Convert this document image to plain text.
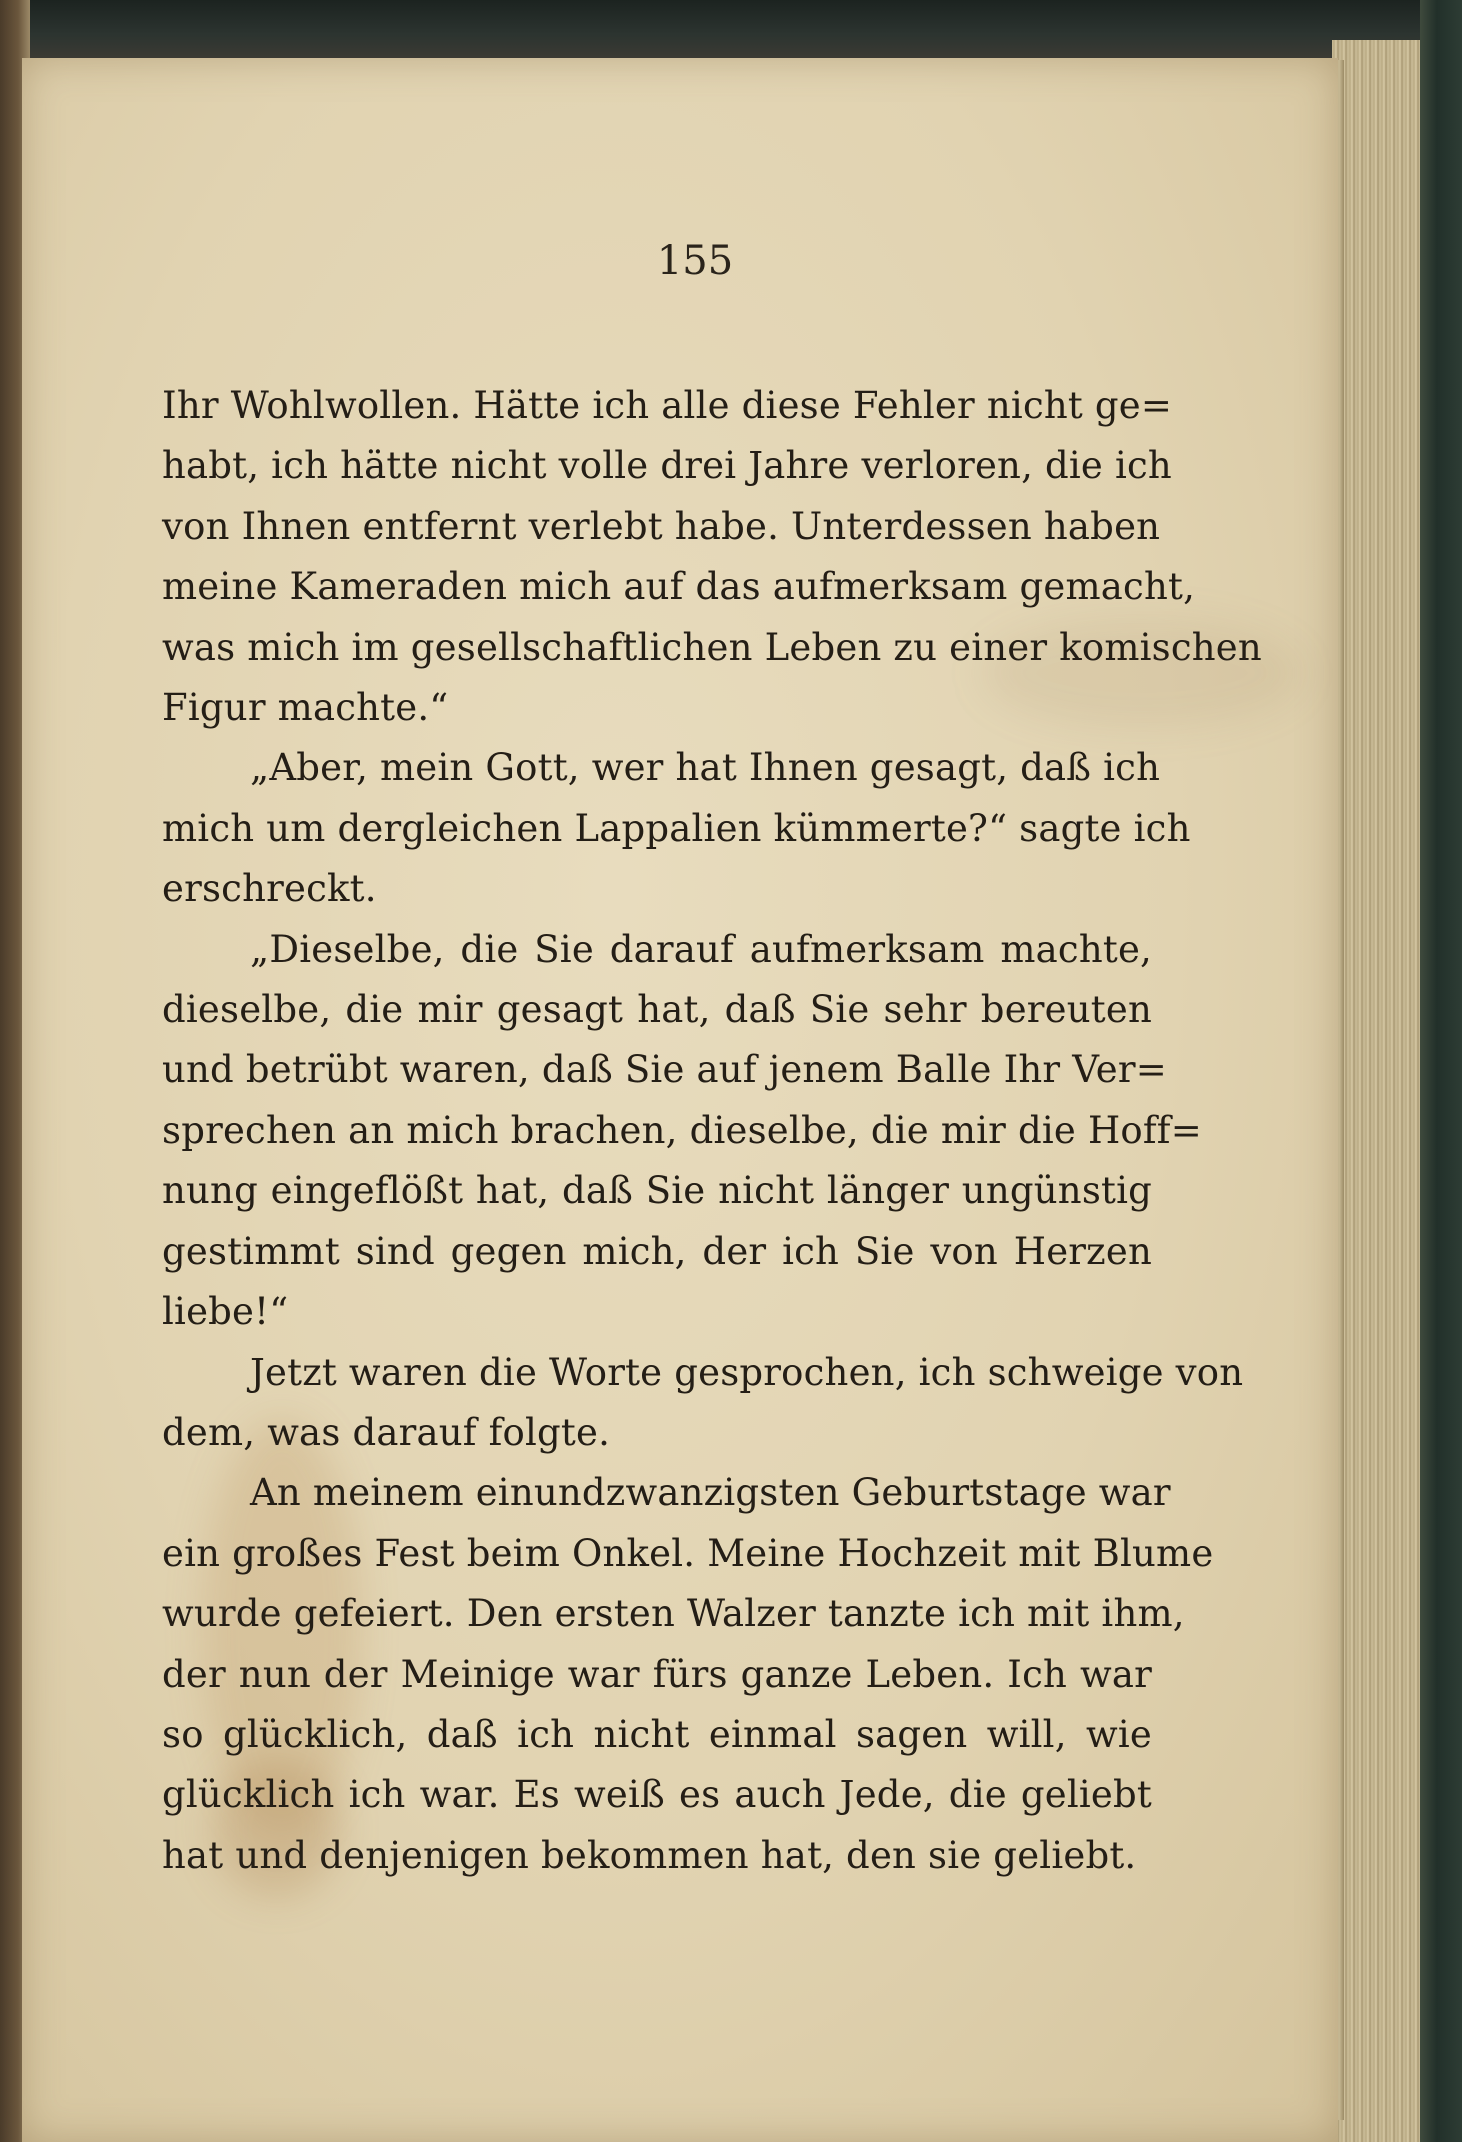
155
Ihr Wohlwollen. Hätte ich alle diese Fehler nicht ge=
habt, ich hätte nicht volle drei Jahre verloren, die ich
von Ihnen entfernt verlebt habe. Unterdessen haben
meine Kameraden mich auf das aufmerksam gemacht,
was mich im gesellschaftlichen Leben zu einer komischen
Figur machte.“
„Aber, mein Gott, wer hat Ihnen gesagt, daß ich
mich um dergleichen Lappalien kümmerte?“ sagte ich
erschreckt.
„Dieselbe, die Sie darauf aufmerksam machte,
dieselbe, die mir gesagt hat, daß Sie sehr bereuten
und betrübt waren, daß Sie auf jenem Balle Ihr Ver=
sprechen an mich brachen, dieselbe, die mir die Hoff=
nung eingeflößt hat, daß Sie nicht länger ungünstig
gestimmt sind gegen mich, der ich Sie von Herzen
liebe!“
Jetzt waren die Worte gesprochen, ich schweige von
dem, was darauf folgte.
An meinem einundzwanzigsten Geburtstage war
ein großes Fest beim Onkel. Meine Hochzeit mit Blume
wurde gefeiert. Den ersten Walzer tanzte ich mit ihm,
der nun der Meinige war fürs ganze Leben. Ich war
so glücklich, daß ich nicht einmal sagen will, wie
glücklich ich war. Es weiß es auch Jede, die geliebt
hat und denjenigen bekommen hat, den sie geliebt.
